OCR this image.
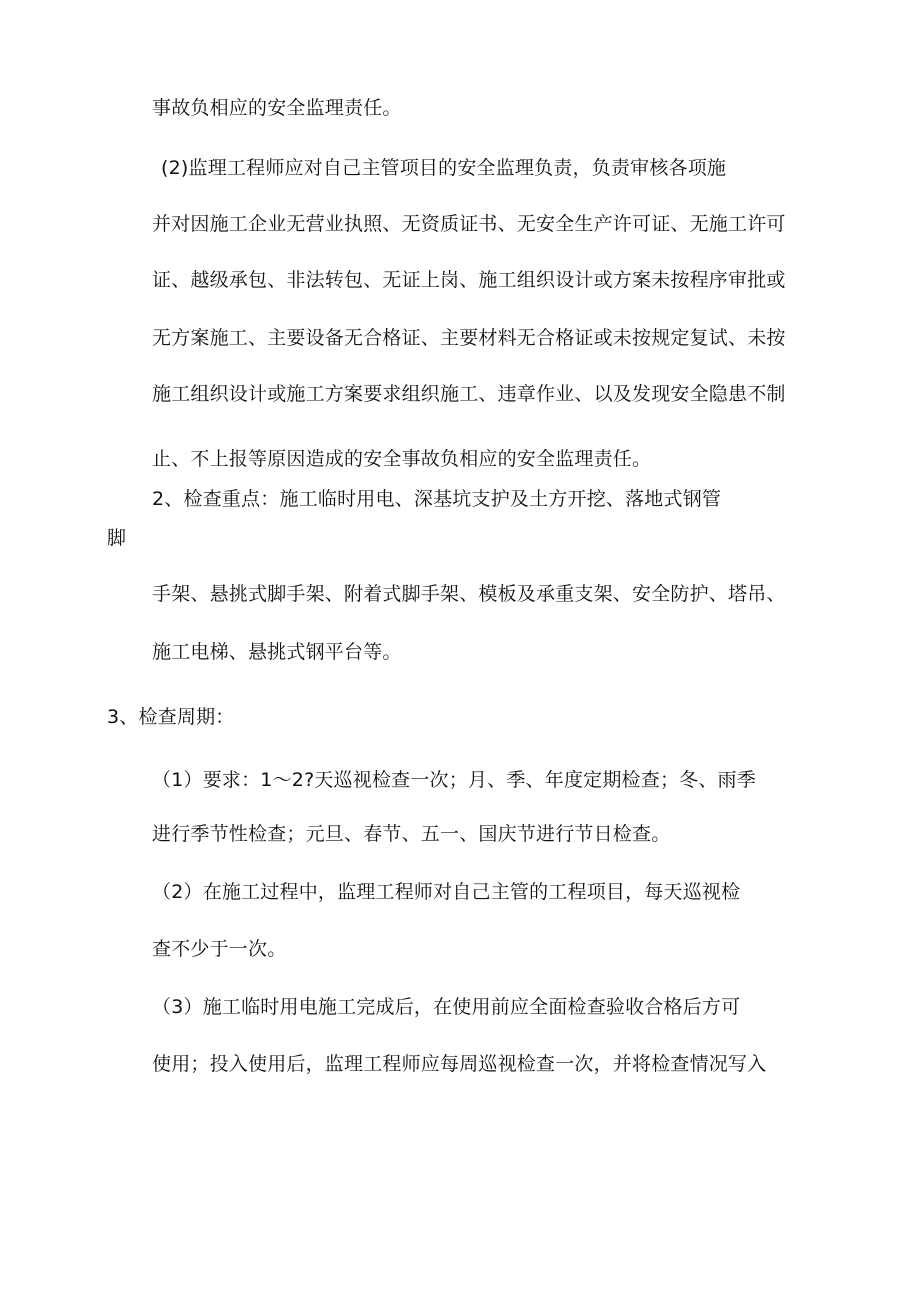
事故负相应的安全监理责任。

(2)监理工程师应对自己主管项目的安全监理负责，负责审核各项施

并对因施工企业无营业执照、无资质证书、无安全生产许可证、无施工许可

证、越级承包、非法转包、无证上岗、施工组织设计或方案未按程序审批或

无方案施工、主要设备无合格证、主要材料无合格证或未按规定复试、未按

施工组织设计或施工方案要求组织施工、违章作业、以及发现安全隐患不制

止、不上报等原因造成的安全事故负相应的安全监理责任。

2、检查重点：施工临时用电、深基坑支护及土方开挖、落地式钢管

脚

手架、悬挑式脚手架、附着式脚手架、模板及承重支架、安全防护、塔吊、

施工电梯、悬挑式钢平台等。

3、检查周期：

（1）要求：1～2?天巡视检查一次；月、季、年度定期检查；冬、雨季

进行季节性检查；元旦、春节、五一、国庆节进行节日检查。

（2）在施工过程中，监理工程师对自己主管的工程项目，每天巡视检

查不少于一次。

（3）施工临时用电施工完成后，在使用前应全面检查验收合格后方可

使用；投入使用后，监理工程师应每周巡视检查一次，并将检查情况写入
